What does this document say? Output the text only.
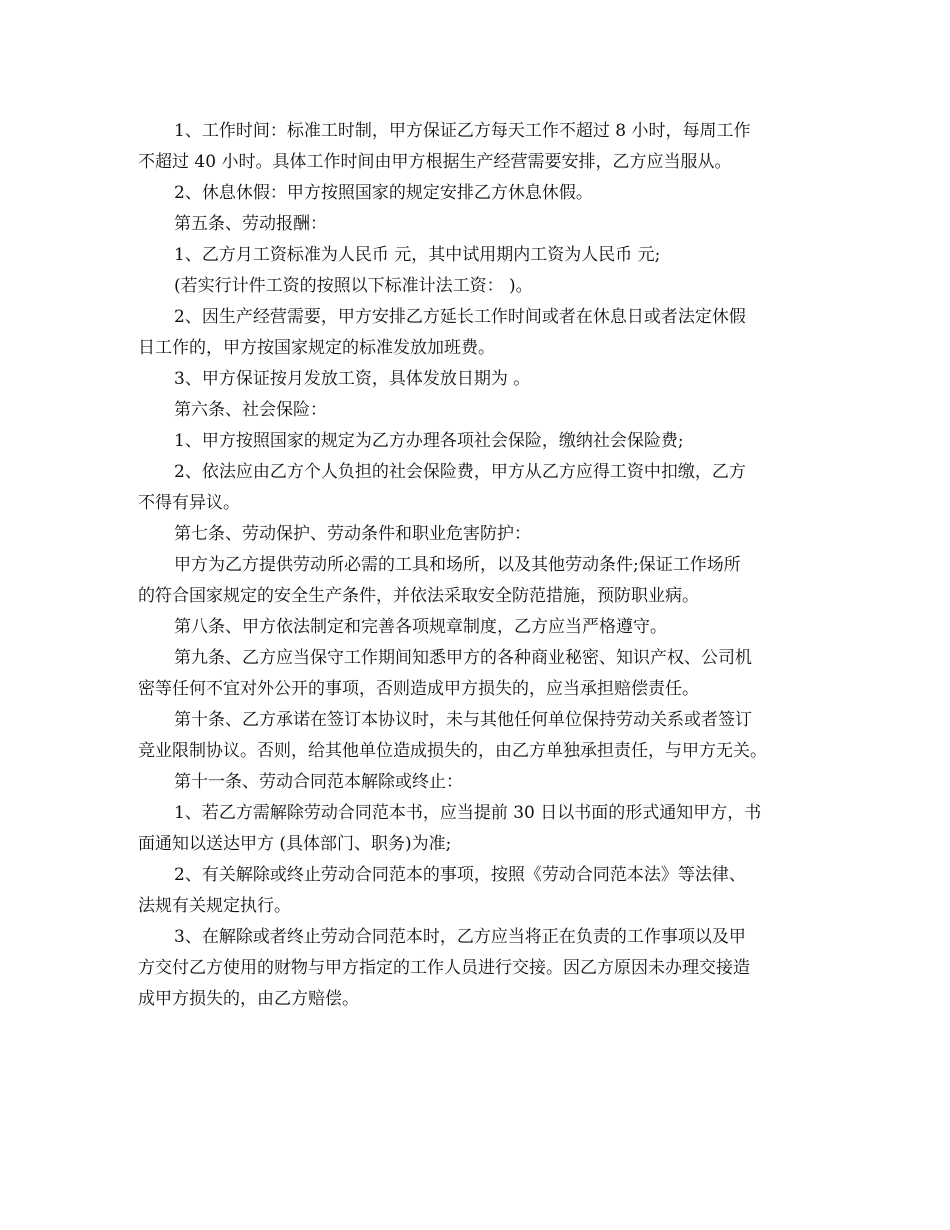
1、工作时间：标准工时制，甲方保证乙方每天工作不超过 8 小时，每周工作
不超过 40 小时。具体工作时间由甲方根据生产经营需要安排，乙方应当服从。
2、休息休假：甲方按照国家的规定安排乙方休息休假。
第五条、劳动报酬：
1、乙方月工资标准为人民币 元，其中试用期内工资为人民币 元;
(若实行计件工资的按照以下标准计法工资： )。
2、因生产经营需要，甲方安排乙方延长工作时间或者在休息日或者法定休假
日工作的，甲方按国家规定的标准发放加班费。
3、甲方保证按月发放工资，具体发放日期为 。
第六条、社会保险：
1、甲方按照国家的规定为乙方办理各项社会保险，缴纳社会保险费;
2、依法应由乙方个人负担的社会保险费，甲方从乙方应得工资中扣缴，乙方
不得有异议。
第七条、劳动保护、劳动条件和职业危害防护：
甲方为乙方提供劳动所必需的工具和场所，以及其他劳动条件;保证工作场所
的符合国家规定的安全生产条件，并依法采取安全防范措施，预防职业病。
第八条、甲方依法制定和完善各项规章制度，乙方应当严格遵守。
第九条、乙方应当保守工作期间知悉甲方的各种商业秘密、知识产权、公司机
密等任何不宜对外公开的事项，否则造成甲方损失的，应当承担赔偿责任。
第十条、乙方承诺在签订本协议时，未与其他任何单位保持劳动关系或者签订
竞业限制协议。否则，给其他单位造成损失的，由乙方单独承担责任，与甲方无关。
第十一条、劳动合同范本解除或终止：
1、若乙方需解除劳动合同范本书，应当提前 30 日以书面的形式通知甲方，书
面通知以送达甲方 (具体部门、职务)为准;
2、有关解除或终止劳动合同范本的事项，按照《劳动合同范本法》等法律、
法规有关规定执行。
3、在解除或者终止劳动合同范本时，乙方应当将正在负责的工作事项以及甲
方交付乙方使用的财物与甲方指定的工作人员进行交接。因乙方原因未办理交接造
成甲方损失的，由乙方赔偿。
